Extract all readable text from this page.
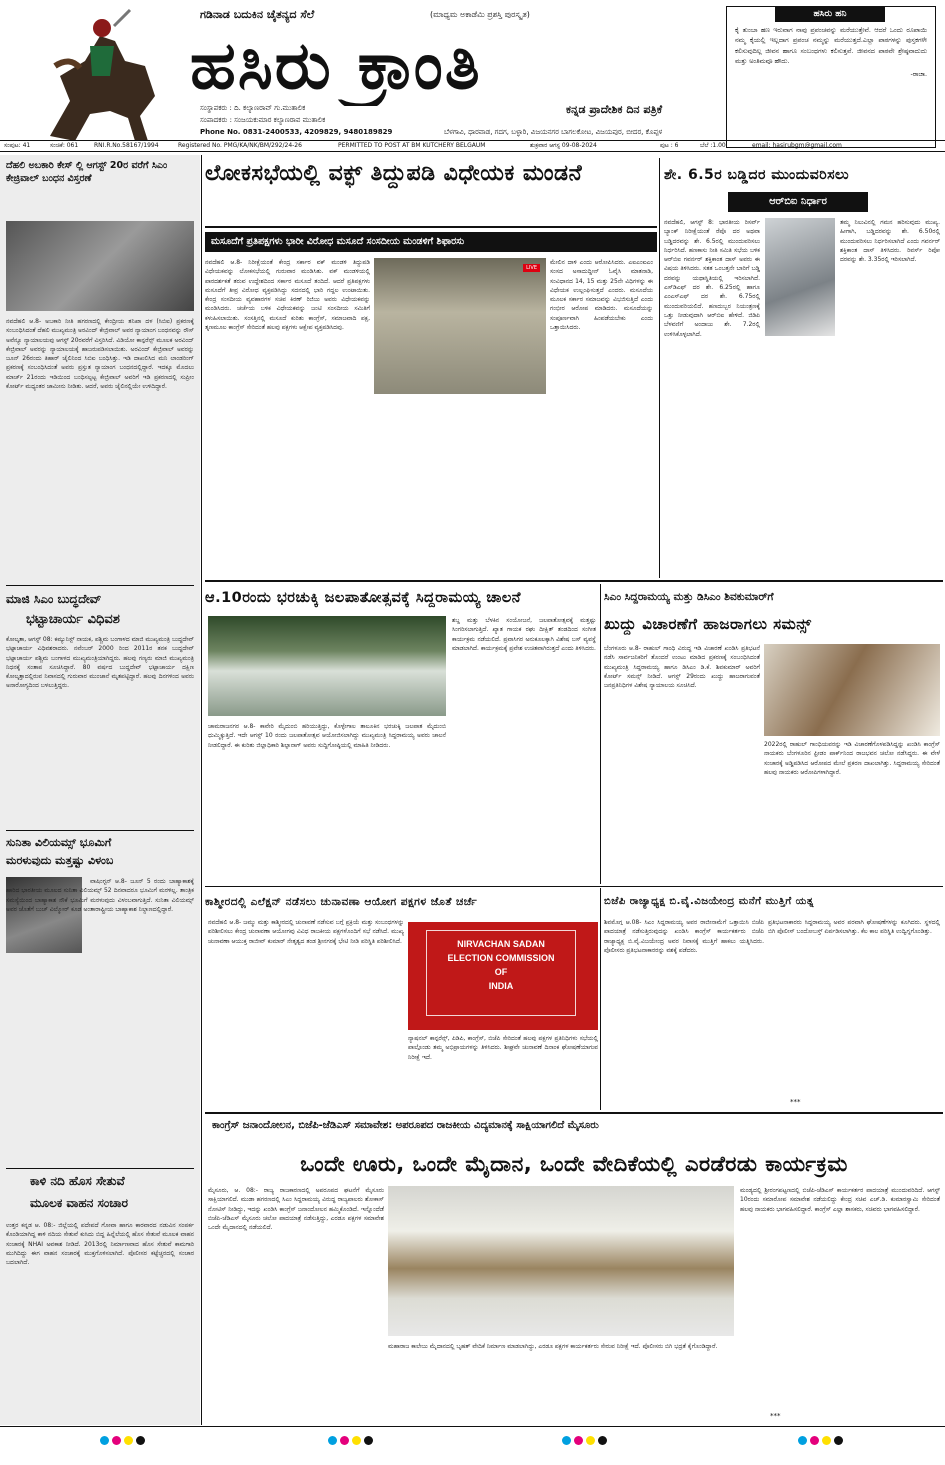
ಗಡಿನಾಡ ಬದುಕಿನ ಚೈತನ್ಯದ ಸೆಲೆ	(ಮಾಧ್ಯಮ ಅಕಾಡೆಮಿ ಪ್ರಶಸ್ತಿ ಪುರಸ್ಕೃತ)
ಹಸಿರು ಕ್ರಾಂತಿ
ಕನ್ನಡ ಪ್ರಾದೇಶಿಕ ದಿನ ಪತ್ರಿಕೆ
ಸಂಸ್ಥಾಪಕರು : ದಿ. ಕಲ್ಯಾಣರಾವ್ ಗು.ಮುತಾಲಿಕ
ಸಂಪಾದಕರು : ಸಂಜಯಕುಮಾರ ಕಲ್ಯಾಣರಾವ ಮುತಾಲಿಕ
Phone No. 0831-2400533, 4209829, 9480189829	ಬೆಳಗಾವಿ, ಧಾರವಾಡ, ಗದಗ, ಬಳ್ಳಾರಿ, ವಿಜಯನಗರ ಬಾಗಲಕೋಟ, ವಿಜಯಪುರ, ಬೀದರ, ಕೊಪ್ಪಳ
ಹಸಿರು ಹನಿ
ಕೈ ತುಂಬಾ ಹಣ ಇರುವಾಗ ನಾವು ಪ್ರಪಂಚವನ್ನು ಮರೆಯುತ್ತೇವೆ. ಆದರೆ ಒಂದು ರೂಪಾಯಿ ನಮ್ಮ ಕೈಯಲ್ಲಿ ಇಲ್ಲದಾಗ ಪ್ರಪಂಚ ನಮ್ಮನ್ನು ಮರೆಯುತ್ತದೆ.ಎಲ್ಲಾ ಪಾಠಗಳನ್ನು ಪುಸ್ತಕಗಳೇ ಕಲಿಸುವುದಿಲ್ಲ ಜೀವನ ಹಾಗೂ ಸಂಬಂಧಗಳು ಕಲಿಸುತ್ತವೆ. ಜೀವನದ ಪಾಠವೇ ಶ್ರೇಷ್ಠವಾದುದು ಮತ್ತು ಅಂತಿಮವೂ ಹೌದು.
-ರಾಜಾ.
ಸಂಪುಟ: 41	ಸಂಚಿಕೆ: 061	RNI.R.No.58167/1994	Registered No. PMG/KA/NK/BM/292/24-26	PERMITTED TO POST AT BM KUTCHERY BELGAUM	ಶುಕ್ರವಾರ ಆಗಸ್ಟ 09-08-2024	ಪುಟ : 6	ಬೆಲೆ :1.00	email: hasirubgm@gmail.com
ದೆಹಲಿ ಅಬಕಾರಿ ಕೇಸ್ ಲ್ಲಿ ಆಗಸ್ಟ್ 20ರ ವರೆಗೆ ಸಿಎಂ ಕೇಜ್ರಿವಾಲ್ ಬಂಧನ ವಿಸ್ತರಣೆ
ನವದೆಹಲಿ ಆ.8- ಅಬಕಾರಿ ನೀತಿ ಹಗರಣದಲ್ಲಿ ಕೇಂದ್ರೀಯ ತನಿಖಾ ದಳ (ಸಿಬಿಐ) ಪ್ರಕರಣಕ್ಕೆ ಸಂಬಂಧಿಸಿದಂತೆ ದೆಹಲಿ ಮುಖ್ಯಮಂತ್ರಿ ಅರವಿಂದ್ ಕೇಜ್ರಿವಾಲ್ ಅವರ ನ್ಯಾಯಾಂಗ ಬಂಧನವನ್ನು ರೌಸ್ ಅವೆನ್ಯೂ ನ್ಯಾಯಾಲಯವು ಆಗಸ್ಟ್ 20ರವರೆಗೆ ವಿಸ್ತರಿಸಿದೆ. ವಿಡಿಯೋ ಕಾನ್ಫರೆನ್ಸ್ ಮೂಲಕ ಅರವಿಂದ್ ಕೇಜ್ರಿವಾಲ್ ಅವರನ್ನು ನ್ಯಾಯಾಲಯಕ್ಕೆ ಹಾಜರುಪಡಿಸಲಾಯಿತು. ಅರವಿಂದ್ ಕೇಜ್ರಿವಾಲ್ ಅವರನ್ನು ಜೂನ್ 26ರಂದು ತಿಹಾರ್ ಜೈಲಿನಿಂದ ಸಿಬಿಐ ಬಂಧಿಸಿತ್ತು. ಇಡಿ ದಾಖಲಿಸಿದ ಮನಿ ಲಾಂಡರಿಂಗ್ ಪ್ರಕರಣಕ್ಕೆ ಸಂಬಂಧಿಸಿದಂತೆ ಅವರು ಪ್ರಸ್ತುತ ನ್ಯಾಯಾಂಗ ಬಂಧನದಲ್ಲಿದ್ದಾರೆ. ಇದಕ್ಕೂ ಮೊದಲು ಮಾರ್ಚ್ 21ರಂದು ಇಡಿಯಿಂದ ಬಂಧಿಸಲ್ಪಟ್ಟ ಕೇಜ್ರಿವಾಲ್ ಅವರಿಗೆ ಇಡಿ ಪ್ರಕರಣದಲ್ಲಿ ಸುಪ್ರೀಂ ಕೋರ್ಟ್ ಮಧ್ಯಂತರ ಜಾಮೀನು ನೀಡಿತು. ಆದರೆ, ಅವರು ಜೈಲಿನಲ್ಲಿಯೇ ಉಳಿದಿದ್ದಾರೆ.
ಮಾಜಿ ಸಿಎಂ ಬುದ್ಧದೇವ್
ಭಟ್ಟಾಚಾರ್ಯ ವಿಧಿವಶ
ಕೋಲ್ಕತಾ, ಆಗಸ್ಟ್ 08: ಕಮ್ಯುನಿಸ್ಟ್ ನಾಯಕ, ಪಶ್ಚಿಮ ಬಂಗಾಳದ ಮಾಜಿ ಮುಖ್ಯಮಂತ್ರಿ ಬುದ್ಧದೇವ್ ಭಟ್ಟಾಚಾರ್ಯ ವಿಧಿವಶರಾದರು. ನವೆಂಬರ್ 2000 ರಿಂದ 2011ರ ತನಕ ಬುದ್ಧದೇವ್ ಭಟ್ಟಾಚಾರ್ಯ ಪಶ್ಚಿಮ ಬಂಗಾಳದ ಮುಖ್ಯಮಂತ್ರಿಯಾಗಿದ್ದರು. ಹಲವು ಗಣ್ಯರು ಮಾಜಿ ಮುಖ್ಯಮಂತ್ರಿ ನಿಧನಕ್ಕೆ ಸಂತಾಪ ಸೂಚಿಸಿದ್ದಾರೆ. 80 ವರ್ಷದ ಬುದ್ಧದೇವ್ ಭಟ್ಟಾಚಾರ್ಯ ದಕ್ಷಿಣ ಕೋಲ್ಕತ್ತಾದಲ್ಲಿರುವ ನಿವಾಸದಲ್ಲಿ ಗುರುವಾರ ಮುಂಜಾನೆ ಮೃತಪಟ್ಟಿದ್ದಾರೆ. ಹಲವು ದಿನಗಳಿಂದ ಅವರು ಅನಾರೋಗ್ಯದಿಂದ ಬಳಲುತ್ತಿದ್ದರು.
ಸುನಿತಾ ವಿಲಿಯಮ್ಸ್ ಭೂಮಿಗೆ
ಮರಳುವುದು ಮತ್ತಷ್ಟು ವಿಳಂಬ
ವಾಷಿಂಗ್ಟನ್ ಆ.8- ಜೂನ್ 5 ರಂದು ಬಾಹ್ಯಾಕಾಶಕ್ಕೆ ಹಾರಿದ ಭಾರತೀಯ ಮೂಲದ ಸುನಿತಾ ವಿಲಿಯಮ್ಸ್ 52 ದಿನವಾದರೂ ಭೂಮಿಗೆ ಮರಳಿಲ್ಲ. ತಾಂತ್ರಿಕ ಸಮಸ್ಯೆಯಿಂದ ಬಾಹ್ಯಾಕಾಶ ನೌಕೆ ಭೂಮಿಗೆ ಮರಳುವುದು ವಿಳಂಬವಾಗುತ್ತಿದೆ. ಸುನಿತಾ ವಿಲಿಯಮ್ಸ್ ಅವರ ಜೊತೆಗೆ ಬುಚ್ ವಿಲ್ಮೋರ್ ಕೂಡ ಅಂತಾರಾಷ್ಟ್ರೀಯ ಬಾಹ್ಯಾಕಾಶ ನಿಲ್ದಾಣದಲ್ಲಿದ್ದಾರೆ.
ಕಾಳಿ ನದಿ ಹೊಸ ಸೇತುವೆ
ಮೂಲಕ ವಾಹನ ಸಂಚಾರ
ಉತ್ತರ ಕನ್ನಡ ಆ. 08:- ಜಿಲ್ಲೆಯಲ್ಲಿ ಪದೇಪದೆ ಗೋವಾ ಹಾಗೂ ಕಾರವಾರದ ನಡುವಿನ ಸಂಪರ್ಕ ಕೊಂಡಿಯಾಗಿದ್ದ ಕಾಳಿ ನದಿಯ ಸೇತುವೆ ಕುಸಿದು ಬಿದ್ದ ಹಿನ್ನೆಲೆಯಲ್ಲಿ ಹೊಸ ಸೇತುವೆ ಮೂಲಕ ವಾಹನ ಸಂಚಾರಕ್ಕೆ NHAI ಅವಕಾಶ ನೀಡಿದೆ. 2013ರಲ್ಲಿ ನಿರ್ಮಾಣವಾದ ಹೊಸ ಸೇತುವೆ ಕಾಮಗಾರಿ ಮುಗಿದಿದ್ದು ಈಗ ವಾಹನ ಸಂಚಾರಕ್ಕೆ ಮುಕ್ತಗೊಳಿಸಲಾಗಿದೆ. ಪೊಲೀಸರ ಕಟ್ಟೆಚ್ಚರದಲ್ಲಿ ಸಂಚಾರ ಬದಲಾಗಿದೆ.
ಲೋಕಸಭೆಯಲ್ಲಿ ವಕ್ಫ್ ತಿದ್ದುಪಡಿ ವಿಧೇಯಕ ಮಂಡನೆ
ಮಸೂದೆಗೆ ಪ್ರತಿಪಕ್ಷಗಳು ಭಾರೀ ವಿರೋಧ ಮಸೂದೆ ಸಂಸದೀಯ ಮಂಡಳಿಗೆ ಶಿಫಾರಸು
ನವದೆಹಲಿ ಆ.8- ನಿರೀಕ್ಷೆಯಂತೆ ಕೇಂದ್ರ ಸರ್ಕಾರ ವಕ್ ಮಂಡಳಿ ತಿದ್ದುಪಡಿ ವಿಧೇಯಕವನ್ನು ಲೋಕಸಭೆಯಲ್ಲಿ ಗುರುವಾರ ಮಂಡಿಸಿತು. ವಕ್ ಮಂಡಳಿಯಲ್ಲಿ ಪಾರದರ್ಶಕತೆ ತರುವ ಉದ್ದೇಶದಿಂದ ಸರ್ಕಾರ ಮಸೂದೆ ತಂದಿದೆ. ಆದರೆ ಪ್ರತಿಪಕ್ಷಗಳು ಮಸೂದೆಗೆ ತೀವ್ರ ವಿರೋಧ ವ್ಯಕ್ತಪಡಿಸಿದ್ದು ಸದನದಲ್ಲಿ ಭಾರಿ ಗದ್ದಲ ಉಂಟಾಯಿತು. ಕೇಂದ್ರ ಸಂಸದೀಯ ವ್ಯವಹಾರಗಳ ಸಚಿವ ಕಿರಣ್ ರಿಜಿಜು ಅವರು ವಿಧೇಯಕವನ್ನು ಮಂಡಿಸಿದರು. ಚರ್ಚೆಯ ಬಳಿಕ ವಿಧೇಯಕವನ್ನು ಜಂಟಿ ಸಂಸದೀಯ ಸಮಿತಿಗೆ ಕಳುಹಿಸಲಾಯಿತು. ಸಂಸತ್ತಿನಲ್ಲಿ ಮಸೂದೆ ಕುರಿತು ಕಾಂಗ್ರೆಸ್, ಸಮಾಜವಾದಿ ಪಕ್ಷ, ತೃಣಮೂಲ ಕಾಂಗ್ರೆಸ್ ಸೇರಿದಂತೆ ಹಲವು ಪಕ್ಷಗಳು ಆಕ್ಷೇಪ ವ್ಯಕ್ತಪಡಿಸಿದವು.
LIVE
ಮೇಲಿನ ದಾಳಿ ಎಂದು ಆರೋಪಿಸಿದರು. ಎಐಎಂಐಎಂ ಸಂಸದ ಅಸಾದುದ್ದೀನ್ ಓವೈಸಿ ಮಾತನಾಡಿ, ಸಂವಿಧಾನದ 14, 15 ಮತ್ತು 25ನೇ ವಿಧಿಗಳನ್ನು ಈ ವಿಧೇಯಕ ಉಲ್ಲಂಘಿಸುತ್ತದೆ ಎಂದರು. ಮಸೂದೆಯ ಮೂಲಕ ಸರ್ಕಾರ ಸಮಾಜವನ್ನು ವಿಭಜಿಸುತ್ತಿದೆ ಎಂದು ಗಂಭೀರ ಆರೋಪ ಮಾಡಿದರು. ಮಸೂದೆಯನ್ನು ಸಂಪೂರ್ಣವಾಗಿ ಹಿಂಪಡೆಯಬೇಕು ಎಂದು ಒತ್ತಾಯಿಸಿದರು.
ಶೇ. 6.5ರ ಬಡ್ಡಿದರ ಮುಂದುವರಿಸಲು
ಆರ್‌ಬಿಐ ನಿರ್ಧಾರ
ನವದೆಹಲಿ, ಆಗಸ್ಟ್ 8: ಭಾರತೀಯ ರಿಸರ್ವ್ ಬ್ಯಾಂಕ್ ನಿರೀಕ್ಷೆಯಂತೆ ರೆಪೊ ದರ ಅಥವಾ ಬಡ್ಡಿದರವನ್ನು ಶೇ. 6.5ರಲ್ಲಿ ಮುಂದುವರಿಸಲು ನಿರ್ಧರಿಸಿದೆ. ಹಣಕಾಸು ನೀತಿ ಸಮಿತಿ ಸಭೆಯ ಬಳಿಕ ಆರ್‌ಬಿಐ ಗವರ್ನರ್ ಶಕ್ತಿಕಾಂತ ದಾಸ್ ಅವರು ಈ ವಿಷಯ ತಿಳಿಸಿದರು. ಸತತ ಒಂಬತ್ತನೇ ಬಾರಿಗೆ ಬಡ್ಡಿ ದರವನ್ನು ಯಥಾಸ್ಥಿತಿಯಲ್ಲಿ ಇರಿಸಲಾಗಿದೆ. ಎಸ್‌ಡಿಎಫ್ ದರ ಶೇ. 6.25ರಲ್ಲಿ ಹಾಗೂ ಎಂಎಸ್‌ಎಫ್ ದರ ಶೇ. 6.75ರಲ್ಲಿ ಮುಂದುವರಿಯಲಿದೆ. ಹಣದುಬ್ಬರ ನಿಯಂತ್ರಣಕ್ಕೆ ಒತ್ತು ನೀಡುವುದಾಗಿ ಆರ್‌ಬಿಐ ಹೇಳಿದೆ. ಜಿಡಿಪಿ ಬೆಳವಣಿಗೆ ಅಂದಾಜು ಶೇ. 7.2ರಲ್ಲಿ ಉಳಿಸಿಕೊಳ್ಳಲಾಗಿದೆ.
ತಮ್ಮ ನಿಲುವಿನಲ್ಲಿ ಗಮನ ಹರಿಸುವುದು ಮುಖ್ಯ. ಹೀಗಾಗಿ, ಬಡ್ಡಿದರವನ್ನು ಶೇ. 6.50ರಲ್ಲಿ ಮುಂದುವರಿಸಲು ನಿರ್ಧರಿಸಲಾಗಿದೆ ಎಂದು ಗವರ್ನರ್ ಶಕ್ತಿಕಾಂತ ದಾಸ್ ತಿಳಿಸಿದರು. ರಿವರ್ಸ್ ರಿಪೋ ದರವನ್ನು ಶೇ. 3.35ರಲ್ಲಿ ಇರಿಸಲಾಗಿದೆ.
ಆ.10ರಂದು ಭರಚುಕ್ಕಿ ಜಲಪಾತೋತ್ಸವಕ್ಕೆ ಸಿದ್ದರಾಮಯ್ಯ ಚಾಲನೆ
ಚಾಮರಾಜನಗರ ಆ.8- ಕಾವೇರಿ ಮೈದುಂಬಿ ಹರಿಯುತ್ತಿದ್ದು, ಕೊಳ್ಳೇಗಾಲ ತಾಲೂಕಿನ ಭರಚುಕ್ಕಿ ಜಲಪಾತ ಮೈದುಂಬಿ ಧುಮ್ಮಿಕ್ಕುತ್ತಿದೆ. ಇದೇ ಆಗಸ್ಟ್ 10 ರಂದು ಜಲಪಾತೋತ್ಸವ ಆಯೋಜಿಸಲಾಗಿದ್ದು ಮುಖ್ಯಮಂತ್ರಿ ಸಿದ್ದರಾಮಯ್ಯ ಅವರು ಚಾಲನೆ ನೀಡಲಿದ್ದಾರೆ. ಈ ಕುರಿತು ಜಿಲ್ಲಾಧಿಕಾರಿ ಶಿಲ್ಪಾನಾಗ್ ಅವರು ಸುದ್ದಿಗೋಷ್ಠಿಯಲ್ಲಿ ಮಾಹಿತಿ ನೀಡಿದರು.
ಶಬ್ದ ಮತ್ತು ಬೆಳಕಿನ ಸಂಯೋಜನೆ, ಜಲಪಾತೋತ್ಸವಕ್ಕೆ ಮತ್ತಷ್ಟು ಸಿಂಗರಿಸಲಾಗುತ್ತಿದೆ. ಖ್ಯಾತ ಗಾಯಕ ರಘು ದೀಕ್ಷಿತ್ ತಂಡದಿಂದ ಸಂಗೀತ ಕಾರ್ಯಕ್ರಮ ನಡೆಯಲಿದೆ. ಪ್ರವಾಸಿಗರ ಅನುಕೂಲಕ್ಕಾಗಿ ವಿಶೇಷ ಬಸ್ ವ್ಯವಸ್ಥೆ ಮಾಡಲಾಗಿದೆ. ಕಾರ್ಯಕ್ರಮಕ್ಕೆ ಪ್ರವೇಶ ಉಚಿತವಾಗಿರುತ್ತದೆ ಎಂದು ತಿಳಿಸಿದರು.
ಸಿಎಂ ಸಿದ್ದರಾಮಯ್ಯ ಮತ್ತು ಡಿಸಿಎಂ ಶಿವಕುಮಾರ್‌ಗೆ
ಖುದ್ದು ವಿಚಾರಣೆಗೆ ಹಾಜರಾಗಲು ಸಮನ್ಸ್
ಬೆಂಗಳೂರು ಆ.8- ರಾಹುಲ್ ಗಾಂಧಿ ವಿರುದ್ಧ ಇಡಿ ವಿಚಾರಣೆ ಖಂಡಿಸಿ ಪ್ರತಿಭಟನೆ ನಡೆಸಿ ಸಾರ್ವಜನಿಕರಿಗೆ ತೊಂದರೆ ಉಂಟು ಮಾಡಿದ ಪ್ರಕರಣಕ್ಕೆ ಸಂಬಂಧಿಸಿದಂತೆ ಮುಖ್ಯಮಂತ್ರಿ ಸಿದ್ದರಾಮಯ್ಯ ಹಾಗೂ ಡಿಸಿಎಂ ಡಿ.ಕೆ. ಶಿವಕುಮಾರ್ ಅವರಿಗೆ ಕೋರ್ಟ್ ಸಮನ್ಸ್ ನೀಡಿದೆ. ಆಗಸ್ಟ್ 29ರಂದು ಖುದ್ದು ಹಾಜರಾಗುವಂತೆ ಜನಪ್ರತಿನಿಧಿಗಳ ವಿಶೇಷ ನ್ಯಾಯಾಲಯ ಸೂಚಿಸಿದೆ.
2022ರಲ್ಲಿ ರಾಹುಲ್ ಗಾಂಧಿಯವರನ್ನು ಇಡಿ ವಿಚಾರಣೆಗೊಳಪಡಿಸಿದ್ದನ್ನು ಖಂಡಿಸಿ ಕಾಂಗ್ರೆಸ್ ನಾಯಕರು ಬೆಂಗಳೂರಿನ ಫ್ರೀಡಂ ಪಾರ್ಕ್‌ನಿಂದ ರಾಜಭವನ ಚಲೋ ನಡೆಸಿದ್ದರು. ಈ ವೇಳೆ ಸಂಚಾರಕ್ಕೆ ಅಡ್ಡಿಪಡಿಸಿದ ಆರೋಪದ ಮೇಲೆ ಪ್ರಕರಣ ದಾಖಲಾಗಿತ್ತು. ಸಿದ್ದರಾಮಯ್ಯ ಸೇರಿದಂತೆ ಹಲವು ನಾಯಕರು ಆರೋಪಿಗಳಾಗಿದ್ದಾರೆ.
ಕಾಶ್ಮೀರದಲ್ಲಿ ಎಲೆಕ್ಷನ್ ನಡೆಸಲು ಚುನಾವಣಾ ಆಯೋಗ ಪಕ್ಷಗಳ ಜೊತೆ ಚರ್ಚೆ
ನವದೆಹಲಿ ಆ.8- ಜಮ್ಮು ಮತ್ತು ಕಾಶ್ಮೀರದಲ್ಲಿ ಚುನಾವಣೆ ನಡೆಸುವ ಬಗ್ಗೆ ಪ್ರಕ್ರಿಯೆ ಮತ್ತು ಸಂಬಂಧಗಳನ್ನು ಪರಿಶೀಲಿಸಲು ಕೇಂದ್ರ ಚುನಾವಣಾ ಆಯೋಗವು ವಿವಿಧ ರಾಜಕೀಯ ಪಕ್ಷಗಳೊಂದಿಗೆ ಸಭೆ ನಡೆಸಿದೆ. ಮುಖ್ಯ ಚುನಾವಣಾ ಆಯುಕ್ತ ರಾಜೀವ್ ಕುಮಾರ್ ನೇತೃತ್ವದ ತಂಡ ಶ್ರೀನಗರಕ್ಕೆ ಭೇಟಿ ನೀಡಿ ಪರಿಸ್ಥಿತಿ ಪರಿಶೀಲಿಸಿದೆ.	NIRVACHAN SADAN
ELECTION COMMISSION
OF
INDIA
ನ್ಯಾಷನಲ್ ಕಾನ್ಫರೆನ್ಸ್, ಪಿಡಿಪಿ, ಕಾಂಗ್ರೆಸ್, ಬಿಜೆಪಿ ಸೇರಿದಂತೆ ಹಲವು ಪಕ್ಷಗಳ ಪ್ರತಿನಿಧಿಗಳು ಸಭೆಯಲ್ಲಿ ಪಾಲ್ಗೊಂಡು ತಮ್ಮ ಅಭಿಪ್ರಾಯಗಳನ್ನು ತಿಳಿಸಿದರು. ಶೀಘ್ರವೇ ಚುನಾವಣೆ ದಿನಾಂಕ ಘೋಷಣೆಯಾಗುವ ನಿರೀಕ್ಷೆ ಇದೆ.
ಬಿಜೆಪಿ ರಾಜ್ಯಾಧ್ಯಕ್ಷ ಬಿ.ವೈ.ವಿಜಯೇಂದ್ರ ಮನೆಗೆ ಮುತ್ತಿಗೆ ಯತ್ನ
ಶಿವಮೊಗ್ಗ ಆ.08- ಸಿಎಂ ಸಿದ್ದರಾಮಯ್ಯ ಅವರ ರಾಜೀನಾಮೆಗೆ ಒತ್ತಾಯಿಸಿ ಬಿಜೆಪಿ ಪಾದಯಾತ್ರೆ ನಡೆಸುತ್ತಿರುವುದನ್ನು ಖಂಡಿಸಿ ಕಾಂಗ್ರೆಸ್ ಕಾರ್ಯಕರ್ತರು ಬಿಜೆಪಿ ರಾಜ್ಯಾಧ್ಯಕ್ಷ ಬಿ.ವೈ.ವಿಜಯೇಂದ್ರ ಅವರ ನಿವಾಸಕ್ಕೆ ಮುತ್ತಿಗೆ ಹಾಕಲು ಯತ್ನಿಸಿದರು. ಪೊಲೀಸರು ಪ್ರತಿಭಟನಾಕಾರರನ್ನು ವಶಕ್ಕೆ ಪಡೆದರು.
ಪ್ರತಿಭಟನಾಕಾರರು ಸಿದ್ದರಾಮಯ್ಯ ಅವರ ಪರವಾಗಿ ಘೋಷಣೆಗಳನ್ನು ಕೂಗಿದರು. ಸ್ಥಳದಲ್ಲಿ ಬಿಗಿ ಪೊಲೀಸ್ ಬಂದೋಬಸ್ತ್ ಏರ್ಪಡಿಸಲಾಗಿತ್ತು. ಕೆಲ ಕಾಲ ಪರಿಸ್ಥಿತಿ ಉದ್ವಿಗ್ನಗೊಂಡಿತ್ತು.
***
ಕಾಂಗ್ರೆಸ್ ಜನಾಂದೋಲನ, ಬಿಜೆಪಿ-ಜೆಡಿಎಸ್ ಸಮಾವೇಶ: ಅಪರೂಪದ ರಾಜಕೀಯ ವಿದ್ಯಮಾನಕ್ಕೆ ಸಾಕ್ಷಿಯಾಗಲಿದೆ ಮೈಸೂರು
ಒಂದೇ ಊರು, ಒಂದೇ ಮೈದಾನ, ಒಂದೇ ವೇದಿಕೆಯಲ್ಲಿ ಎರಡೆರಡು ಕಾರ್ಯಕ್ರಮ
ಮೈಸೂರು, ಆ. 08:- ರಾಜ್ಯ ರಾಜಕಾರಣದಲ್ಲಿ ಅಪರೂಪದ ಘಟನೆಗೆ ಮೈಸೂರು ಸಾಕ್ಷಿಯಾಗಲಿದೆ. ಮುಡಾ ಹಗರಣದಲ್ಲಿ ಸಿಎಂ ಸಿದ್ದರಾಮಯ್ಯ ವಿರುದ್ಧ ರಾಜ್ಯಪಾಲರು ಶೋಕಾಸ್ ನೋಟಿಸ್ ನೀಡಿದ್ದು, ಇದನ್ನು ಖಂಡಿಸಿ ಕಾಂಗ್ರೆಸ್ ಜನಾಂದೋಲನ ಹಮ್ಮಿಕೊಂಡಿದೆ. ಇನ್ನೊಂದೆಡೆ ಬಿಜೆಪಿ-ಜೆಡಿಎಸ್ ಮೈಸೂರು ಚಲೋ ಪಾದಯಾತ್ರೆ ನಡೆಸುತ್ತಿದ್ದು, ಎರಡೂ ಪಕ್ಷಗಳ ಸಮಾವೇಶ ಒಂದೇ ಮೈದಾನದಲ್ಲಿ ನಡೆಯಲಿದೆ.
ಮಹಾರಾಜ ಕಾಲೇಜು ಮೈದಾನದಲ್ಲಿ ಬೃಹತ್ ವೇದಿಕೆ ನಿರ್ಮಾಣ ಮಾಡಲಾಗಿದ್ದು, ಎರಡೂ ಪಕ್ಷಗಳ ಕಾರ್ಯಕರ್ತರು ಸೇರುವ ನಿರೀಕ್ಷೆ ಇದೆ. ಪೊಲೀಸರು ಬಿಗಿ ಭದ್ರತೆ ಕೈಗೊಂಡಿದ್ದಾರೆ.
ಮಂಡ್ಯದಲ್ಲಿ ಶ್ರೀರಂಗಪಟ್ಟಣದಲ್ಲಿ ಬಿಜೆಪಿ-ಜೆಡಿಎಸ್ ಕಾರ್ಯಕರ್ತರ ಪಾದಯಾತ್ರೆ ಮುಂದುವರಿದಿದೆ. ಆಗಸ್ಟ್ 10ರಂದು ಸಮಾರೋಪ ಸಮಾವೇಶ ನಡೆಯಲಿದ್ದು ಕೇಂದ್ರ ಸಚಿವ ಎಚ್.ಡಿ. ಕುಮಾರಸ್ವಾಮಿ ಸೇರಿದಂತೆ ಹಲವು ನಾಯಕರು ಭಾಗವಹಿಸಲಿದ್ದಾರೆ. ಕಾಂಗ್ರೆಸ್ ಎಲ್ಲಾ ಶಾಸಕರು, ಸಚಿವರು ಭಾಗವಹಿಸಲಿದ್ದಾರೆ.
***
